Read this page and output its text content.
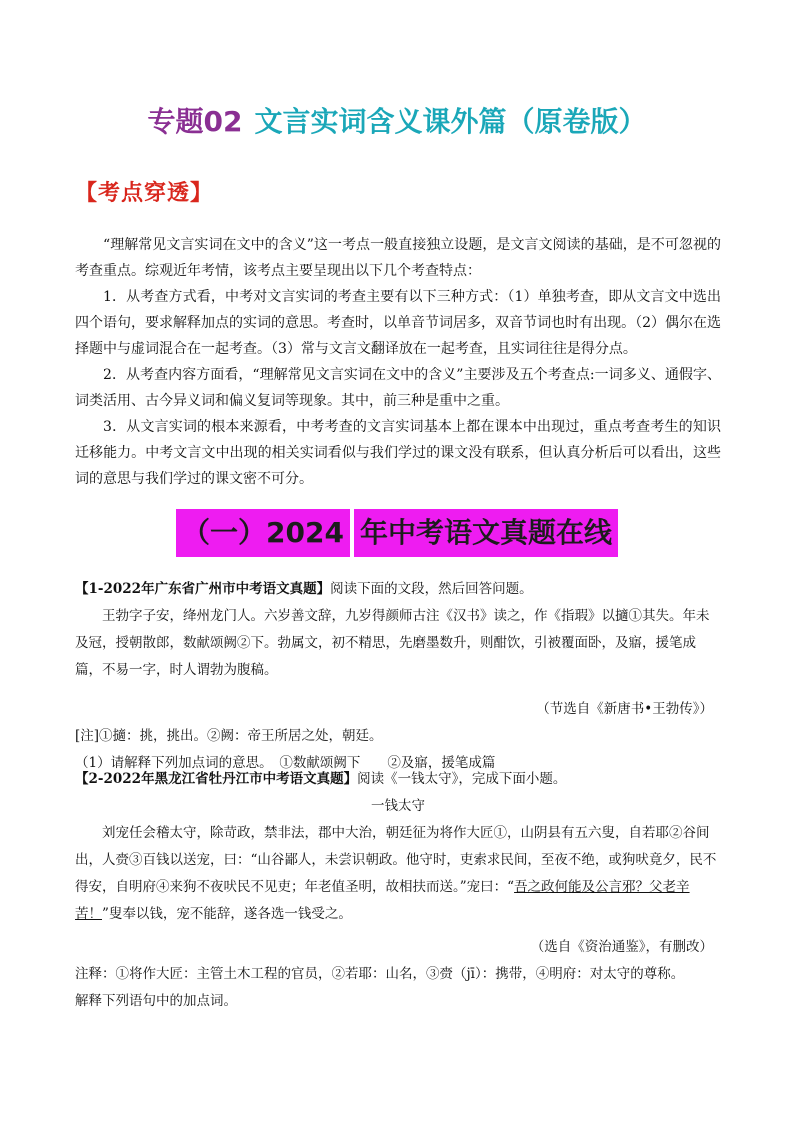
专题02 文言实词含义课外篇（原卷版）
【考点穿透】

“理解常见文言实词在文中的含义”这一考点一般直接独立设题，是文言文阅读的基础，是不可忽视的考查重点。综观近年考情，该考点主要呈现出以下几个考查特点：

1．从考查方式看，中考对文言实词的考查主要有以下三种方式：（1）单独考查，即从文言文中选出四个语句，要求解释加点的实词的意思。考查时，以单音节词居多，双音节词也时有出现。（2）偶尔在选择题中与虚词混合在一起考查。（3）常与文言文翻译放在一起考查，且实词往往是得分点。

2．从考查内容方面看，“理解常见文言实词在文中的含义”主要涉及五个考查点:一词多义、通假字、词类活用、古今异义词和偏义复词等现象。其中，前三种是重中之重。

3．从文言实词的根本来源看，中考考查的文言实词基本上都在课本中出现过，重点考查考生的知识迁移能力。中考文言文中出现的相关实词看似与我们学过的课文没有联系，但认真分析后可以看出，这些词的意思与我们学过的课文密不可分。

（一）2024 年中考语文真题在线

【1-2022年广东省广州市中考语文真题】阅读下面的文段，然后回答问题。

王勃字子安，绛州龙门人。六岁善文辞，九岁得颜师古注《汉书》读之，作《指瑕》以擿①其失。年未及冠，授朝散郎，数献颂阙②下。勃属文，初不精思，先磨墨数升，则酣饮，引被覆面卧，及寤，援笔成篇，不易一字，时人谓勃为腹稿。

（节选自《新唐书•王勃传》）

[注]①擿：挑，挑出。②阙：帝王所居之处，朝廷。

（1）请解释下列加点词的意思。　①数献颂阙下　　②及寤，援笔成篇

【2-2022年黑龙江省牡丹江市中考语文真题】阅读《一钱太守》，完成下面小题。

一钱太守

刘宠任会稽太守，除苛政，禁非法，郡中大治，朝廷征为将作大匠①，山阴县有五六叟，自若耶②谷间出，人赍③百钱以送宠，曰：“山谷鄙人，未尝识朝政。他守时，吏索求民间，至夜不绝，或狗吠竟夕，民不得安，自明府④来狗不夜吠民不见吏；年老值圣明，故相扶而送。”宠曰：“吾之政何能及公言邪？父老辛苦！”叟奉以钱，宠不能辞，遂各选一钱受之。

（选自《资治通鉴》，有删改）

注释：①将作大匠：主管土木工程的官员，②若耶：山名，③赍（jī）：携带，④明府：对太守的尊称。

解释下列语句中的加点词。
